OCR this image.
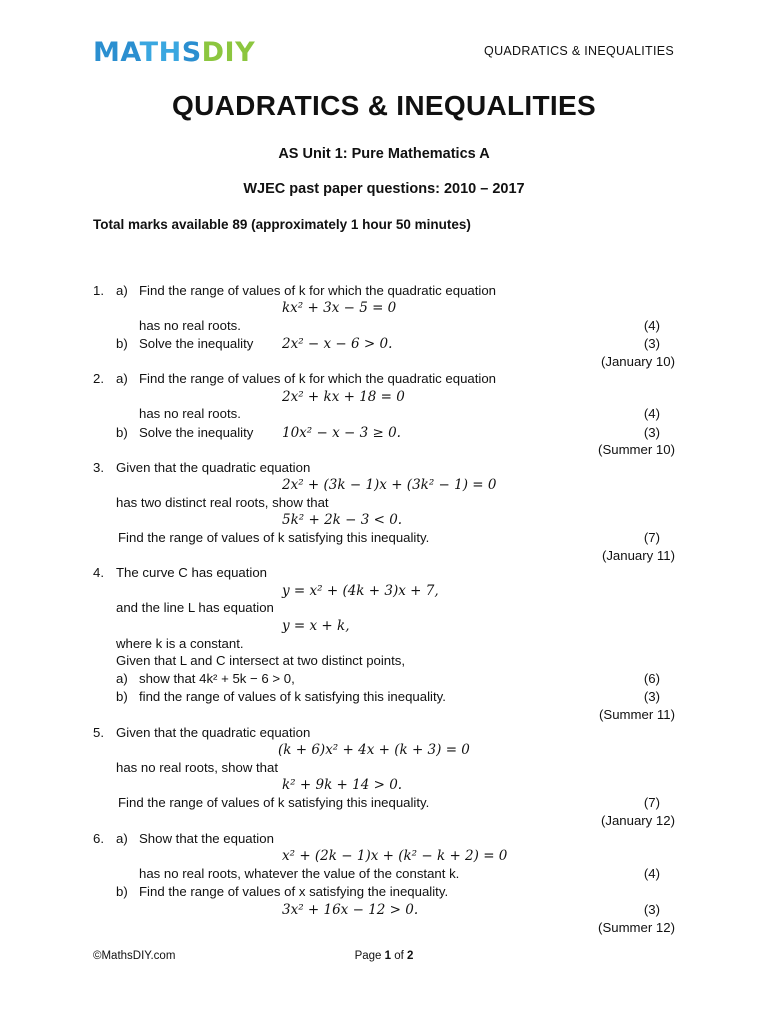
MATHSDIY	QUADRATICS & INEQUALITIES
QUADRATICS & INEQUALITIES
AS Unit 1: Pure Mathematics A
WJEC past paper questions: 2010 – 2017
Total marks available 89 (approximately 1 hour 50 minutes)
1. a) Find the range of values of k for which the quadratic equation
kx² + 3x − 5 = 0
has no real roots.	(4)
b) Solve the inequality 2x² − x − 6 > 0.	(3)
(January 10)
2. a) Find the range of values of k for which the quadratic equation
2x² + kx + 18 = 0
has no real roots.	(4)
b) Solve the inequality 10x² − x − 3 ≥ 0.	(3)
(Summer 10)
3. Given that the quadratic equation
2x² + (3k − 1)x + (3k² − 1) = 0
has two distinct real roots, show that
5k² + 2k − 3 < 0.
Find the range of values of k satisfying this inequality.	(7)
(January 11)
4. The curve C has equation
y = x² + (4k + 3)x + 7,
and the line L has equation
y = x + k,
where k is a constant.
Given that L and C intersect at two distinct points,
a) show that 4k² + 5k − 6 > 0,	(6)
b) find the range of values of k satisfying this inequality.	(3)
(Summer 11)
5. Given that the quadratic equation
(k + 6)x² + 4x + (k + 3) = 0
has no real roots, show that
k² + 9k + 14 > 0.
Find the range of values of k satisfying this inequality.	(7)
(January 12)
6. a) Show that the equation
x² + (2k − 1)x + (k² − k + 2) = 0
has no real roots, whatever the value of the constant k.	(4)
b) Find the range of values of x satisfying the inequality.
3x² + 16x − 12 > 0.	(3)
(Summer 12)
©MathsDIY.com	Page 1 of 2
